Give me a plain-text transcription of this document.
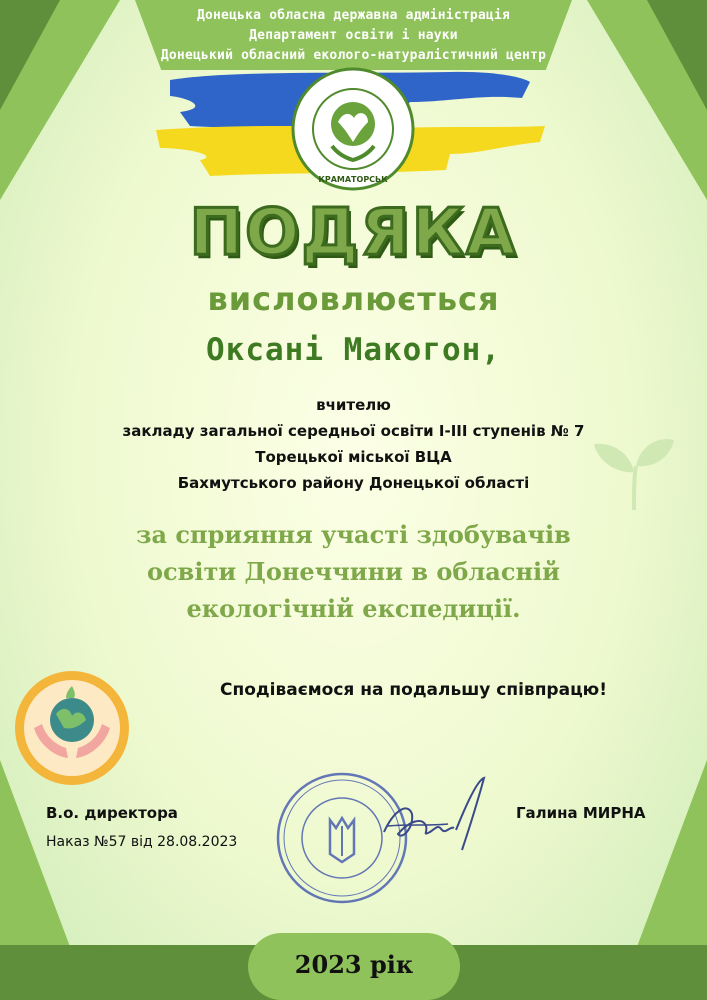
Донецька обласна державна адміністрація
Департамент освіти і науки
Донецький обласний еколого-натуралістичний центр
КРАМАТОРСЬК
ПОДЯКА
висловлюється
Оксані Макогон,
вчителю
закладу загальної середньої освіти І-ІІІ ступенів № 7
Торецької міської ВЦА
Бахмутського району Донецької області
за сприяння участі здобувачів
освіти Донеччини в обласній
екологічній експедиції.
Сподіваємося на подальшу співпрацю!
В.о. директора
Наказ №57 від 28.08.2023
Галина МИРНА
2023 рік
